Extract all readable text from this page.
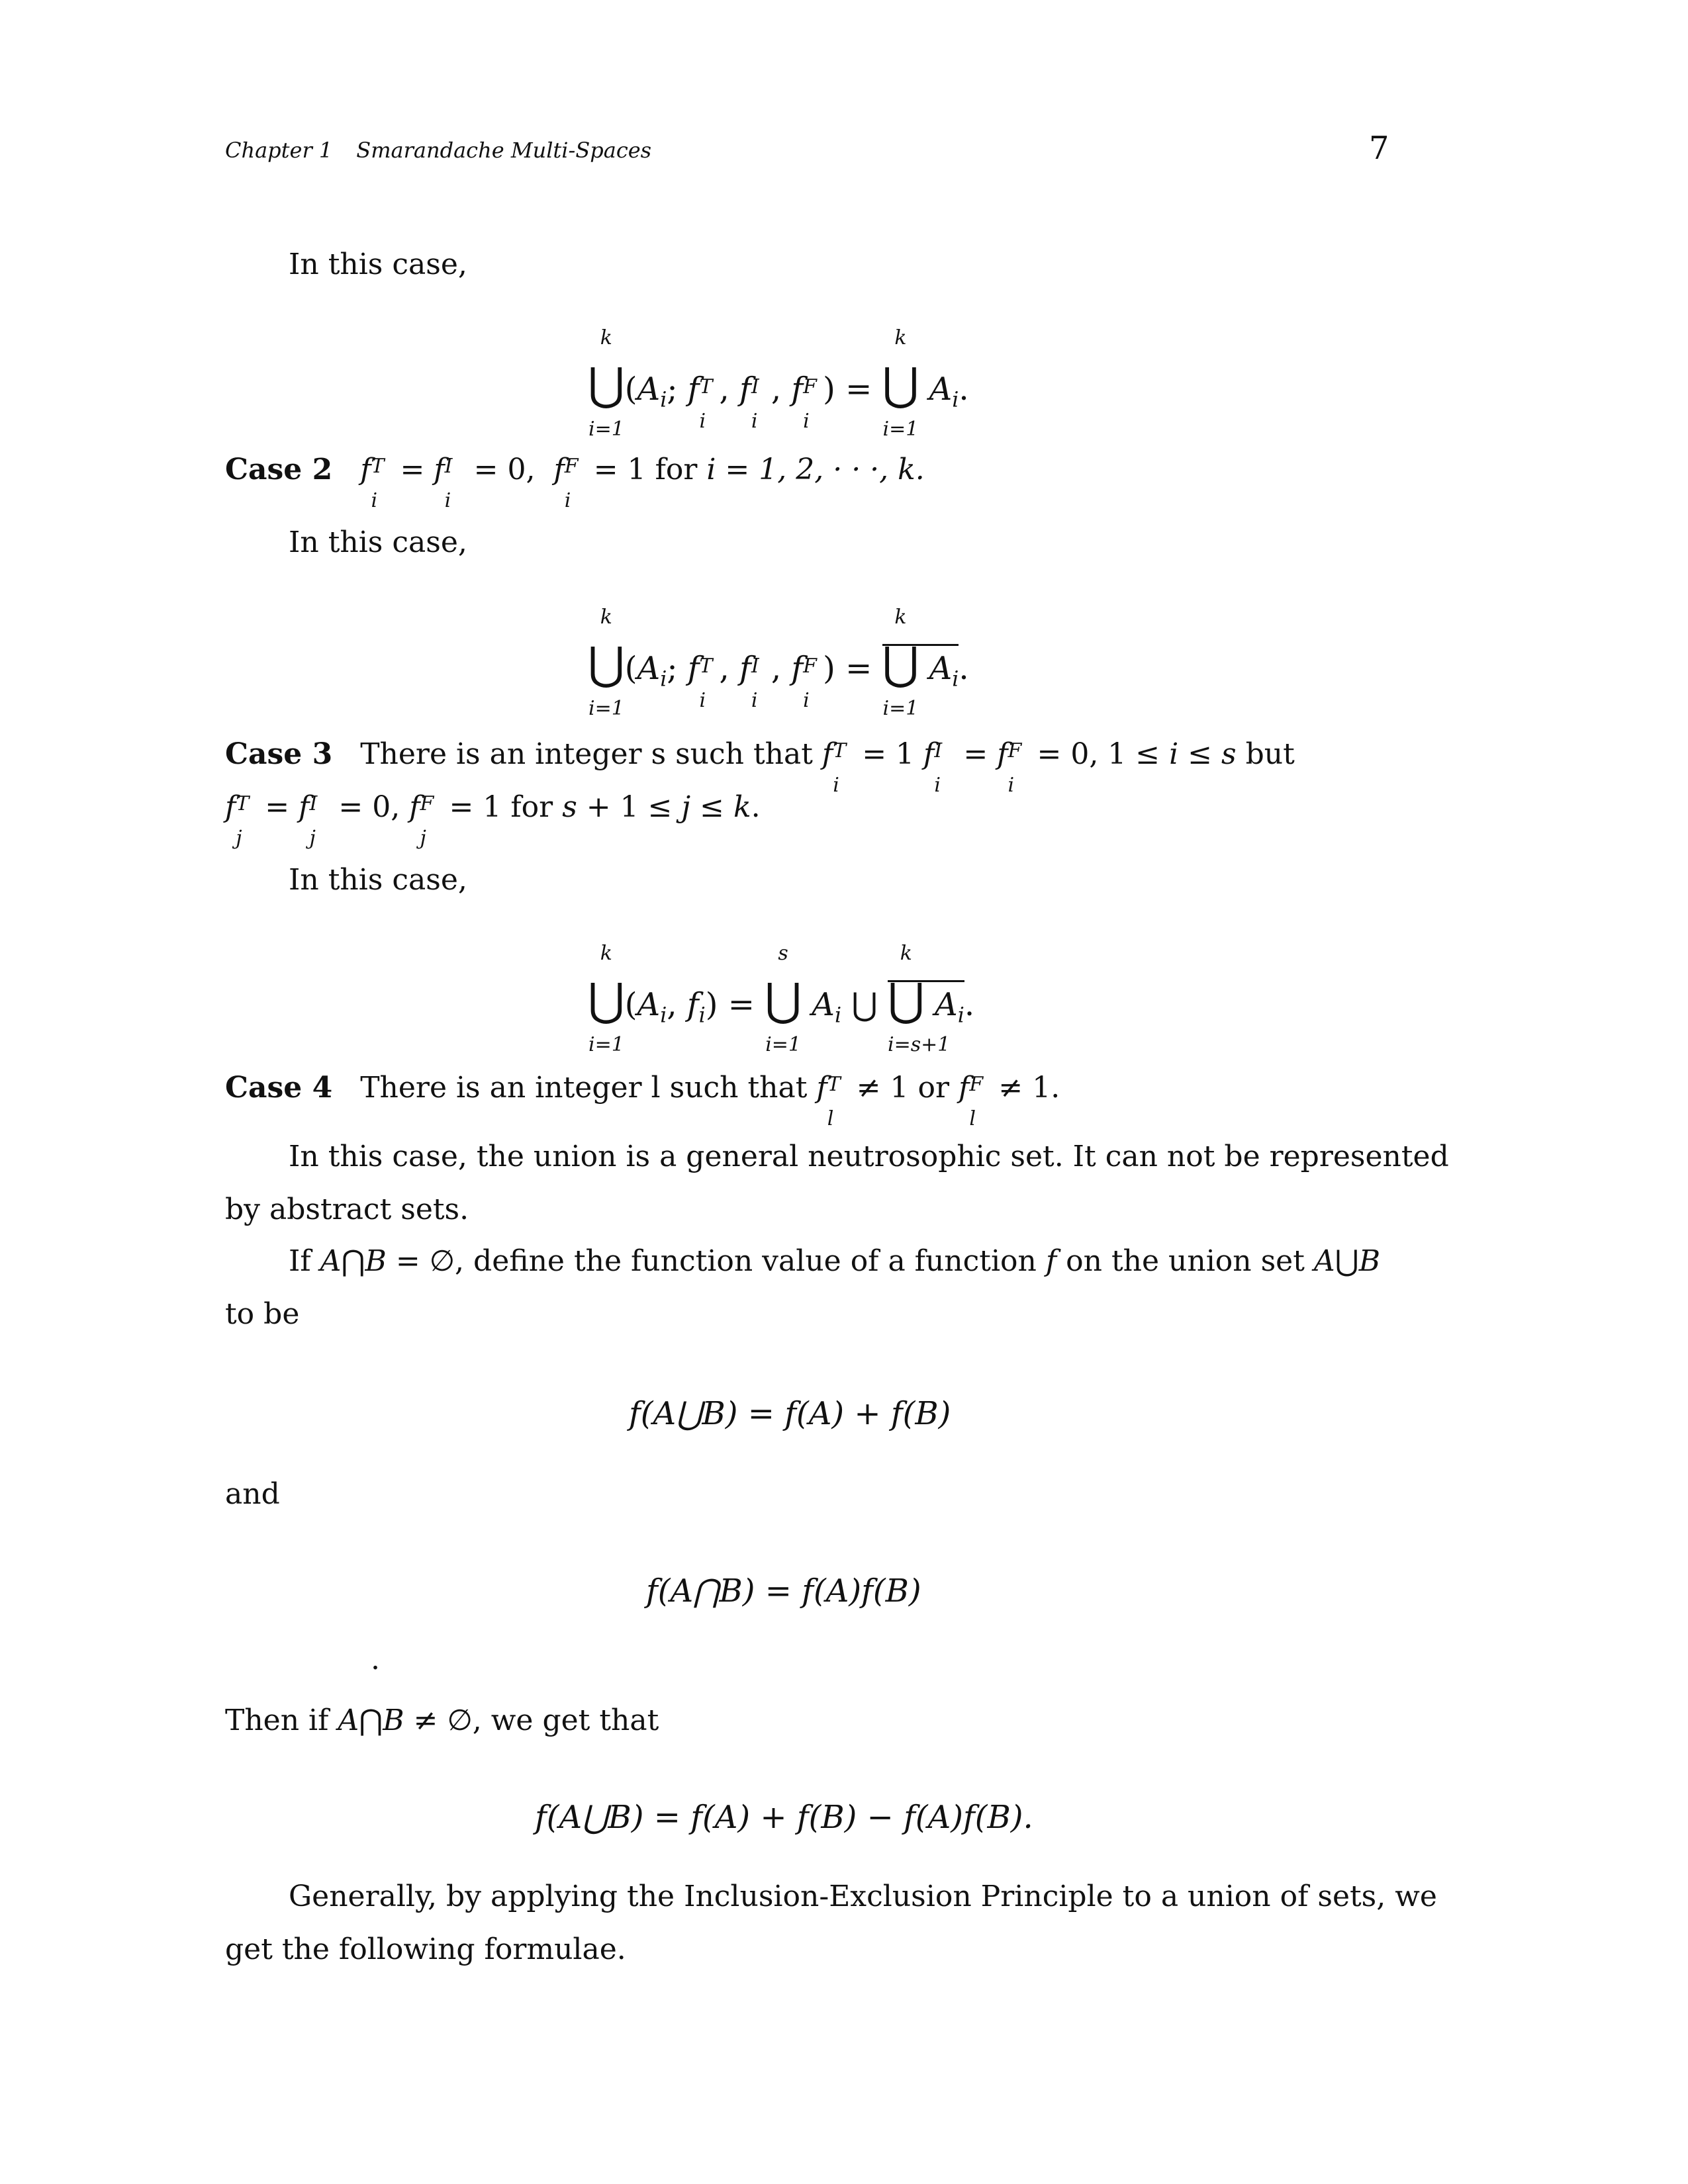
Chapter 1 Smarandache Multi-Spaces	7
In this case,
k
⋃
i=1
($A_i$; f T
i
, f I
i
, f F
i
) =
k
⋃
i=1
$A_i$.
Case 2 f T
i
= f I
i
= 0,  f F
i
= 1 for i = 1, 2, · · ·, k.
In this case,
k
⋃
i=1
($A_i$; f T
i
, f I
i
, f F
i
) =
k
⋃
i=1
$A_i$.
Case 3 There is an integer s such that f T
i
= 1 f I
i
= f F
i
= 0, 1 ≤ i ≤ s but
f T
j
= f I
j
= 0, f F
j
= 1 for s + 1 ≤ j ≤ k.
In this case,
k
⋃
i=1
($A_i$, $f_i$) =
s
⋃
i=1
$A_i$ ⋃
k
⋃
i=s+1
$A_i$.
Case 4 There is an integer l such that f T
l
≠ 1 or f F
l
≠ 1.
In this case, the union is a general neutrosophic set. It can not be represented
by abstract sets.
If A⋂B = ∅, define the function value of a function f on the union set A⋃B
to be
f(A⋃B) = f(A) + f(B)
and
f(A⋂B) = f(A)f(B)
.
Then if A⋂B ≠ ∅, we get that
f(A⋃B) = f(A) + f(B) − f(A)f(B).
Generally, by applying the Inclusion-Exclusion Principle to a union of sets, we
get the following formulae.
